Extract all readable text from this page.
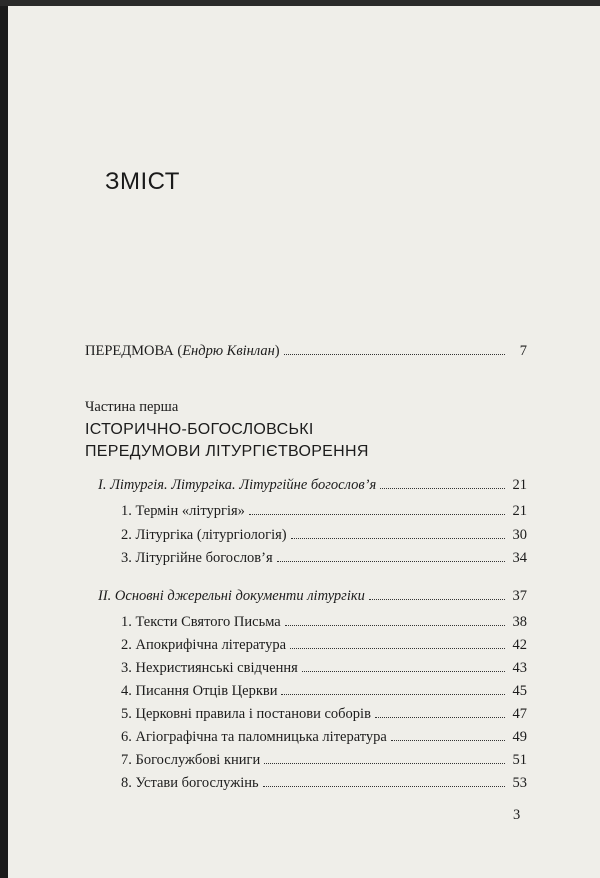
ЗМІСТ
ПЕРЕДМОВА ( Ендрю Квінлан )	7
Частина перша
ІСТОРИЧНО-БОГОСЛОВСЬКІ
ПЕРЕДУМОВИ ЛІТУРГІЄТВОРЕННЯ
I. Літургія. Літургіка. Літургійне богослов’я	21
1. Термін «літургія»	21
2. Літургіка (літургіологія)	30
3. Літургійне богослов’я	34
II. Основні джерельні документи літургіки	37
1. Тексти Святого Письма	38
2. Апокрифічна література	42
3. Нехристиянські свідчення	43
4. Писання Отців Церкви	45
5. Церковні правила і постанови соборів	47
6. Агіографічна та паломницька література	49
7. Богослужбові книги	51
8. Устави богослужінь	53
3
